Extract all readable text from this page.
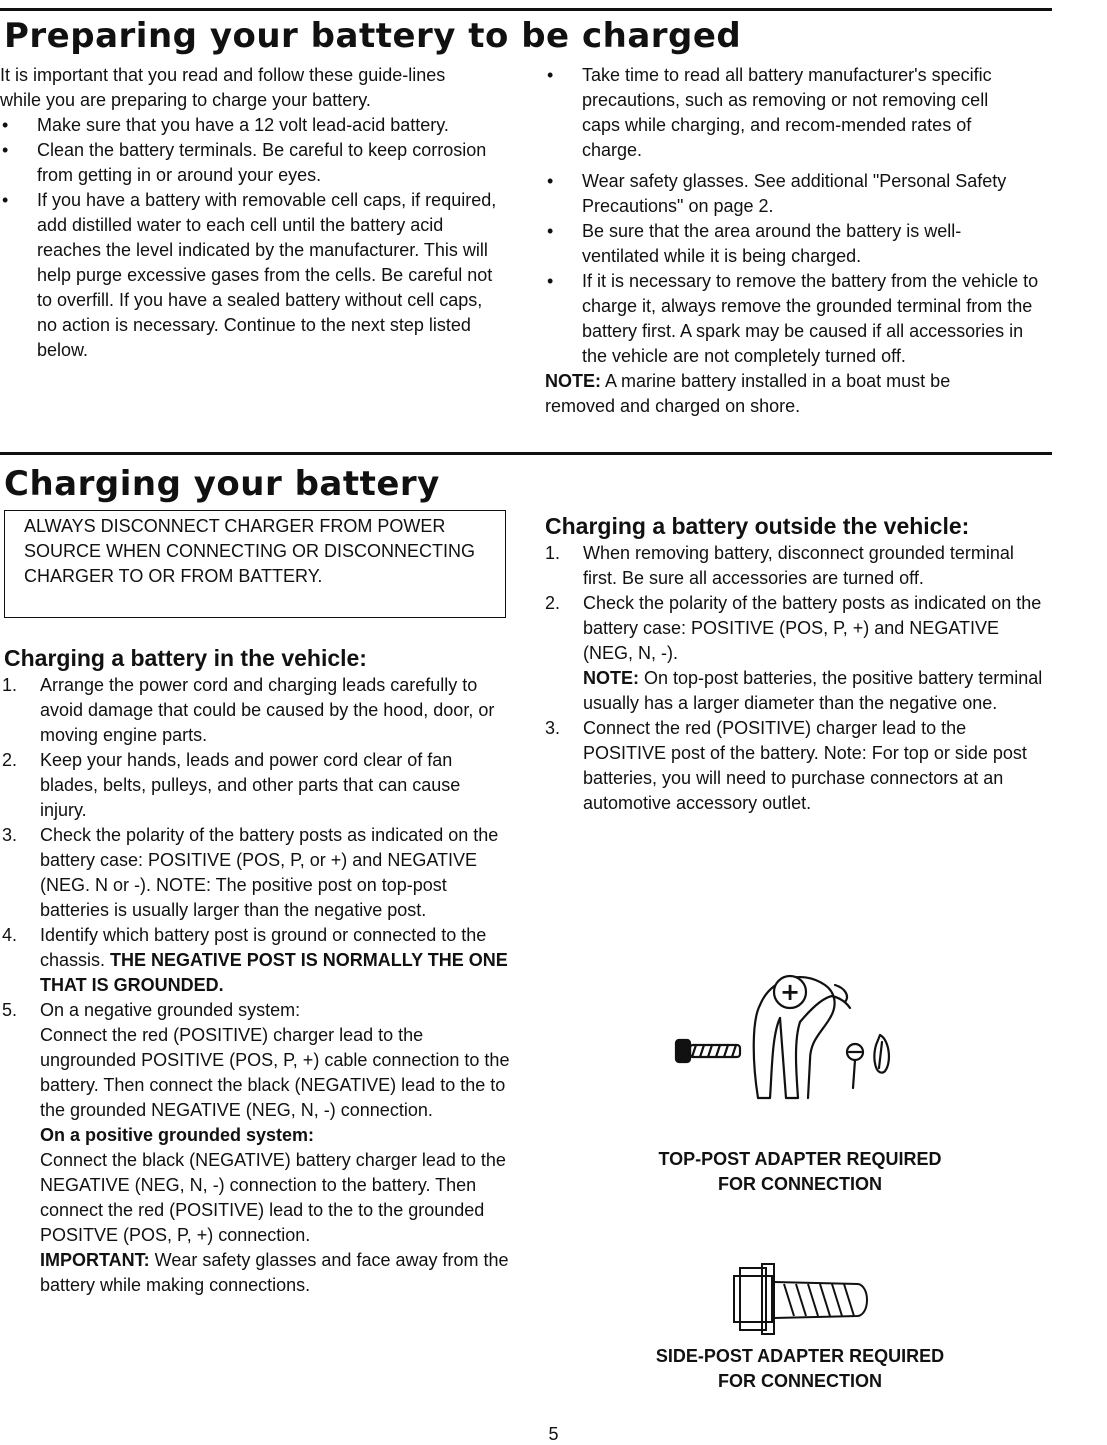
Preparing your battery to be charged

It is important that you read and follow these guide-lines while you are preparing to charge your battery.

• Make sure that you have a 12 volt lead-acid battery.
• Clean the battery terminals. Be careful to keep corrosion from getting in or around your eyes.
• If you have a battery with removable cell caps, if required, add distilled water to each cell until the battery acid reaches the level indicated by the manufacturer. This will help purge excessive gases from the cells. Be careful not to overfill. If you have a sealed battery without cell caps, no action is necessary. Continue to the next step listed below.
• Take time to read all battery manufacturer's specific precautions, such as removing or not removing cell caps while charging, and recom-mended rates of charge.
• Wear safety glasses. See additional "Personal Safety Precautions" on page 2.
• Be sure that the area around the battery is well-ventilated while it is being charged.
• If it is necessary to remove the battery from the vehicle to charge it, always remove the grounded terminal from the battery first. A spark may be caused if all accessories in the vehicle are not completely turned off.

NOTE: A marine battery installed in a boat must be removed and charged on shore.

Charging your battery
ALWAYS DISCONNECT CHARGER FROM POWER SOURCE WHEN CONNECTING OR DISCONNECTING CHARGER TO OR FROM BATTERY.
Charging a battery in the vehicle:
1. Arrange the power cord and charging leads carefully to avoid damage that could be caused by the hood, door, or moving engine parts.
2. Keep your hands, leads and power cord clear of fan blades, belts, pulleys, and other parts that can cause injury.
3. Check the polarity of the battery posts as indicated on the battery case: POSITIVE (POS, P, or +) and NEGATIVE (NEG. N or -). NOTE: The positive post on top-post batteries is usually larger than the negative post.
4. Identify which battery post is ground or connected to the chassis. THE NEGATIVE POST IS NORMALLY THE ONE THAT IS GROUNDED.
5. On a negative grounded system:
Connect the red (POSITIVE) charger lead to the ungrounded POSITIVE (POS, P, +) cable connection to the battery. Then connect the black (NEGATIVE) lead to the to the grounded NEGATIVE (NEG, N, -) connection.
On a positive grounded system:
Connect the black (NEGATIVE) battery charger lead to the NEGATIVE (NEG, N, -) connection to the battery. Then connect the red (POSITIVE) lead to the to the grounded POSITVE (POS, P, +) connection.
IMPORTANT: Wear safety glasses and face away from the battery while making connections.
Charging a battery outside the vehicle:
1. When removing battery, disconnect grounded terminal first. Be sure all accessories are turned off.
2. Check the polarity of the battery posts as indicated on the battery case: POSITIVE (POS, P, +) and NEGATIVE (NEG, N, -).
NOTE: On top-post batteries, the positive battery terminal usually has a larger diameter than the negative one.
3. Connect the red (POSITIVE) charger lead to the POSITIVE post of the battery. Note: For top or side post batteries, you will need to purchase connectors at an automotive accessory outlet.
+
TOP-POST ADAPTER REQUIRED FOR CONNECTION
SIDE-POST ADAPTER REQUIRED FOR CONNECTION
5
